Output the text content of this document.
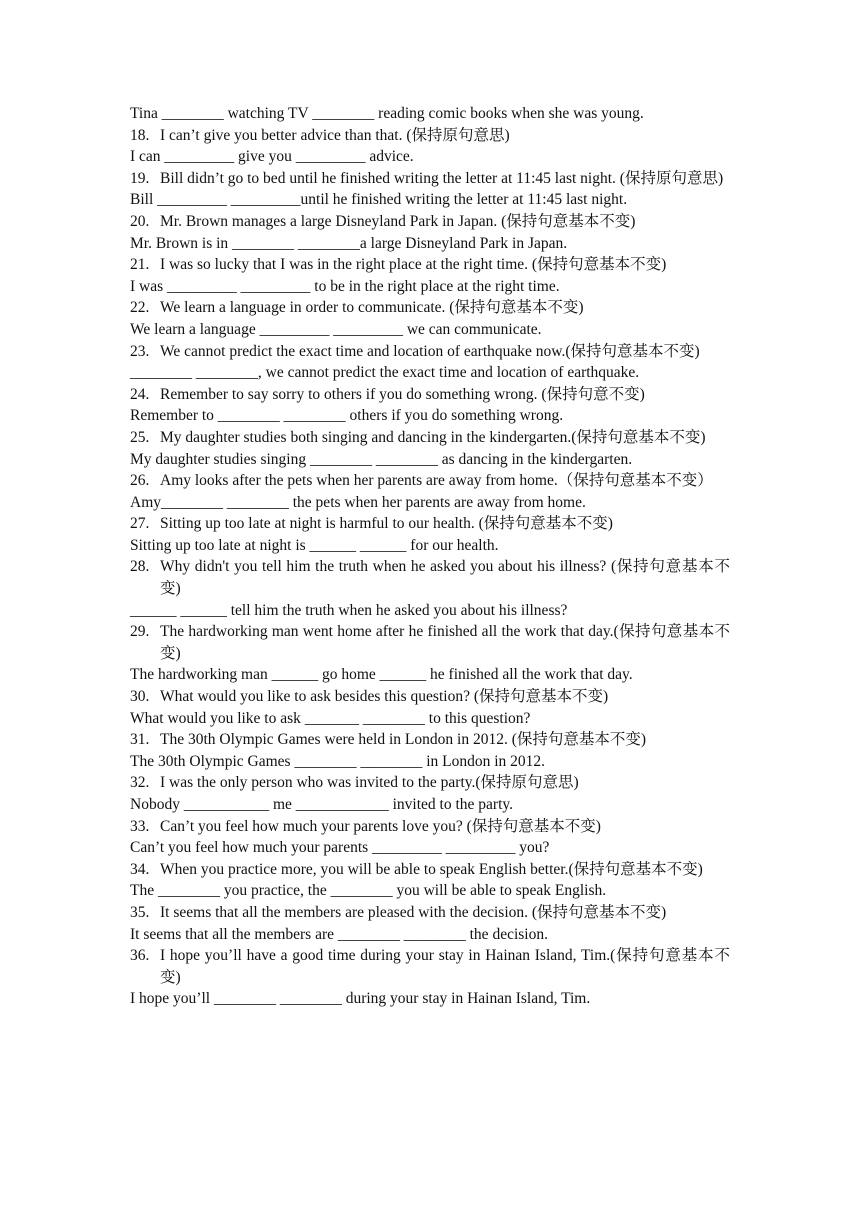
Tina ________ watching TV ________ reading comic books when she was young.
18. I can’t give you better advice than that. (保持原句意思)
I can _________ give you _________ advice.
19. Bill didn’t go to bed until he finished writing the letter at 11:45 last night. (保持原句意思)
Bill _________ _________until he finished writing the letter at 11:45 last night.
20. Mr. Brown manages a large Disneyland Park in Japan. (保持句意基本不变)
Mr. Brown is in ________ ________a large Disneyland Park in Japan.
21. I was so lucky that I was in the right place at the right time. (保持句意基本不变)
I was _________ _________ to be in the right place at the right time.
22. We learn a language in order to communicate. (保持句意基本不变)
We learn a language _________ _________ we can communicate.
23. We cannot predict the exact time and location of earthquake now.(保持句意基本不变)
________ ________, we cannot predict the exact time and location of earthquake.
24. Remember to say sorry to others if you do something wrong. (保持句意不变)
Remember to ________ ________ others if you do something wrong.
25. My daughter studies both singing and dancing in the kindergarten.(保持句意基本不变)
My daughter studies singing ________ ________ as dancing in the kindergarten.
26. Amy looks after the pets when her parents are away from home.（保持句意基本不变）
Amy________ ________ the pets when her parents are away from home.
27. Sitting up too late at night is harmful to our health. (保持句意基本不变)
Sitting up too late at night is ______ ______ for our health.
28. Why didn't you tell him the truth when he asked you about his illness? (保持句意基本不变)
______ ______ tell him the truth when he asked you about his illness?
29. The hardworking man went home after he finished all the work that day.(保持句意基本不变)
The hardworking man ______ go home ______ he finished all the work that day.
30. What would you like to ask besides this question? (保持句意基本不变)
What would you like to ask _______ ________ to this question?
31. The 30th Olympic Games were held in London in 2012. (保持句意基本不变)
The 30th Olympic Games ________ ________ in London in 2012.
32. I was the only person who was invited to the party.(保持原句意思)
Nobody ___________ me ____________ invited to the party.
33. Can’t you feel how much your parents love you? (保持句意基本不变)
Can’t you feel how much your parents _________ _________ you?
34. When you practice more, you will be able to speak English better.(保持句意基本不变)
The ________ you practice, the ________ you will be able to speak English.
35. It seems that all the members are pleased with the decision. (保持句意基本不变)
It seems that all the members are ________ ________ the decision.
36. I hope you’ll have a good time during your stay in Hainan Island, Tim.(保持句意基本不变)
I hope you’ll ________ ________ during your stay in Hainan Island, Tim.
